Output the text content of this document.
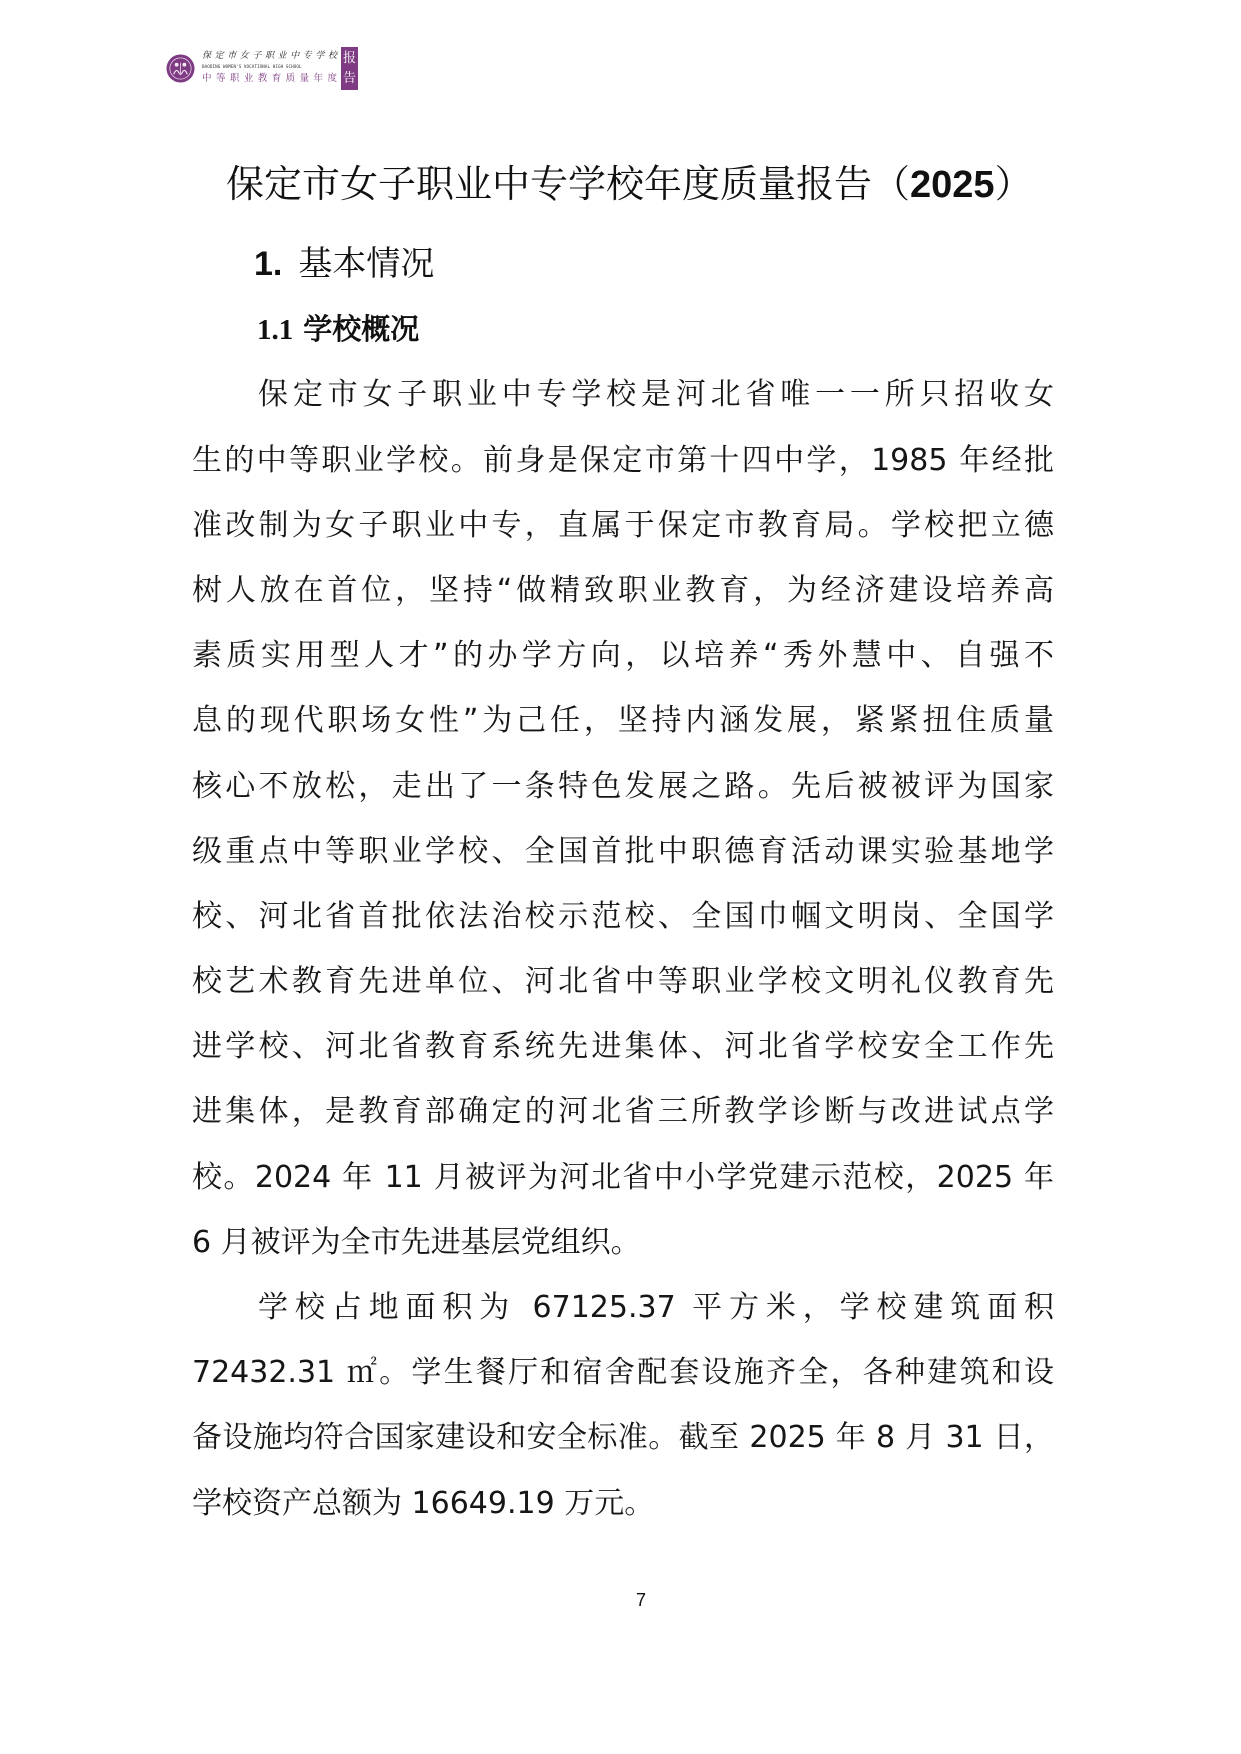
保定市女子职业中专学校
BAODING WOMEN'S VOCATIONAL HIGH SCHOOL
中等职业教育质量年度
报
告
保定市女子职业中专学校年度质量报告（2025）
1. 基本情况
1.1 学校概况
保定市女子职业中专学校是河北省唯一一所只招收女
生的中等职业学校。前身是保定市第十四中学，1985 年经批
准改制为女子职业中专，直属于保定市教育局。学校把立德
树人放在首位，坚持“做精致职业教育，为经济建设培养高
素质实用型人才”的办学方向，以培养“秀外慧中、自强不
息的现代职场女性”为己任，坚持内涵发展，紧紧扭住质量
核心不放松，走出了一条特色发展之路。先后被被评为国家
级重点中等职业学校、全国首批中职德育活动课实验基地学
校、河北省首批依法治校示范校、全国巾帼文明岗、全国学
校艺术教育先进单位、河北省中等职业学校文明礼仪教育先
进学校、河北省教育系统先进集体、河北省学校安全工作先
进集体，是教育部确定的河北省三所教学诊断与改进试点学
校。2024 年 11 月被评为河北省中小学党建示范校，2025 年
6 月被评为全市先进基层党组织。
学校占地面积为 67125.37 平方米，学校建筑面积
72432.31 ㎡。学生餐厅和宿舍配套设施齐全，各种建筑和设
备设施均符合国家建设和安全标准。截至 2025 年 8 月 31 日，
学校资产总额为 16649.19 万元。
7
